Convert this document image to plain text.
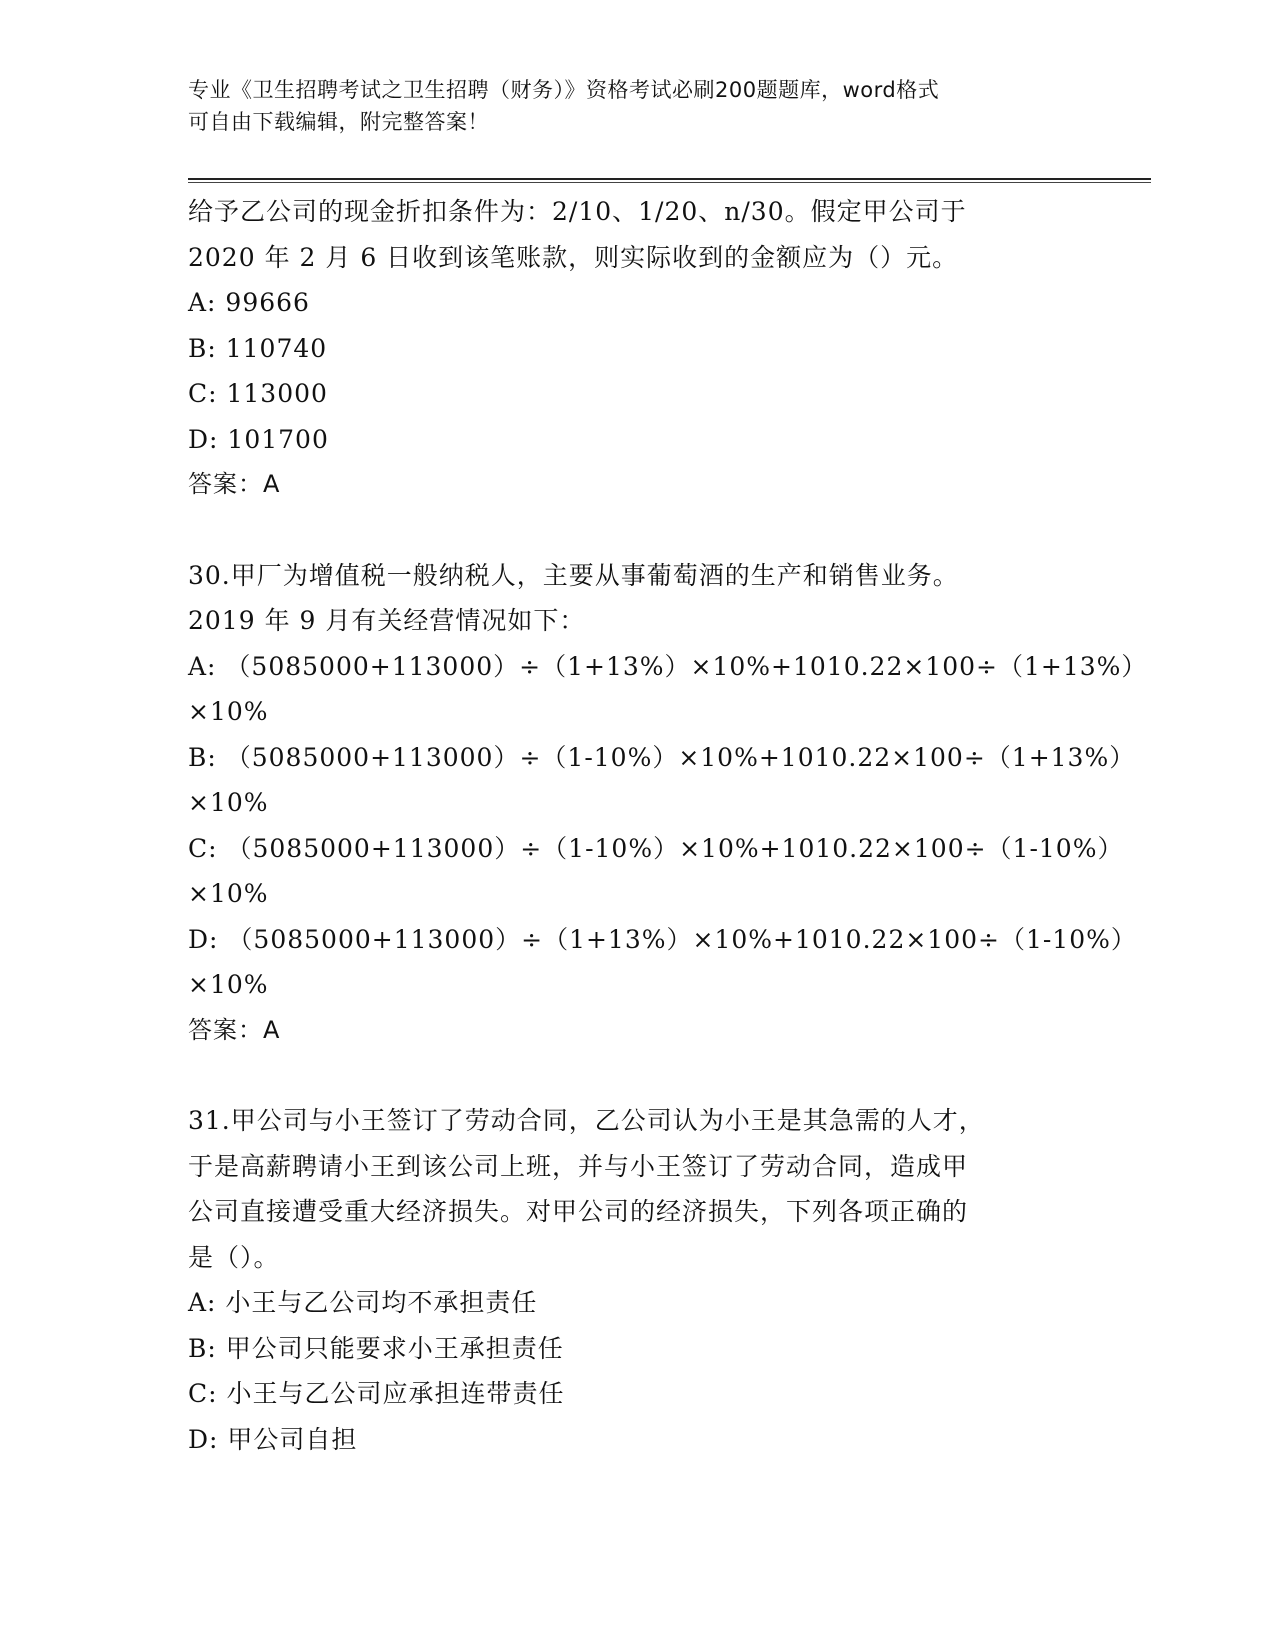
专业《卫生招聘考试之卫生招聘（财务）》资格考试必刷200题题库，word格式
可自由下载编辑，附完整答案！
给予乙公司的现金折扣条件为：2/10、1/20、n/30。假定甲公司于
2020 年 2 月 6 日收到该笔账款，则实际收到的金额应为（）元。
A: 99666
B: 110740
C: 113000
D: 101700
答案：A
30.甲厂为增值税一般纳税人，主要从事葡萄酒的生产和销售业务。
2019 年 9 月有关经营情况如下：
A: （5085000+113000）÷（1+13%）×10%+1010.22×100÷（1+13%）
×10%
B: （5085000+113000）÷（1-10%）×10%+1010.22×100÷（1+13%）
×10%
C: （5085000+113000）÷（1-10%）×10%+1010.22×100÷（1-10%）
×10%
D: （5085000+113000）÷（1+13%）×10%+1010.22×100÷（1-10%）
×10%
答案：A
31.甲公司与小王签订了劳动合同，乙公司认为小王是其急需的人才，
于是高薪聘请小王到该公司上班，并与小王签订了劳动合同，造成甲
公司直接遭受重大经济损失。对甲公司的经济损失，下列各项正确的
是（）。
A: 小王与乙公司均不承担责任
B: 甲公司只能要求小王承担责任
C: 小王与乙公司应承担连带责任
D: 甲公司自担
